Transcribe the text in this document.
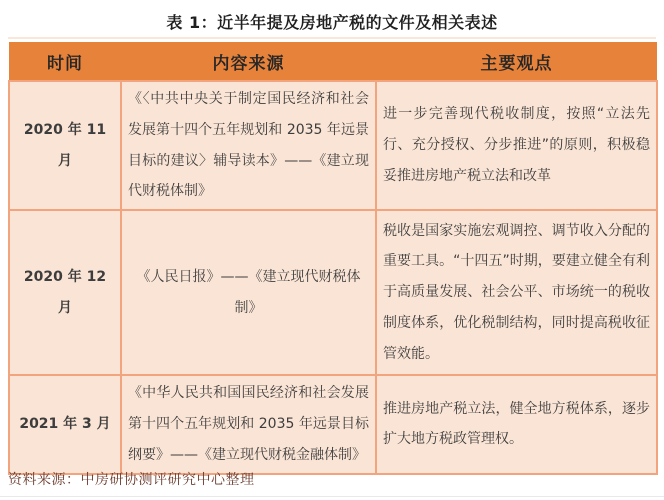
表 1：近半年提及房地产税的文件及相关表述
时间	内容来源	主要观点
2020 年 11 月	《〈中共中央关于制定国民经济和社会发展第十四个五年规划和 2035 年远景目标的建议〉辅导读本》——《建立现代财税体制》	进一步完善现代税收制度，按照“立法先行、充分授权、分步推进”的原则，积极稳妥推进房地产税立法和改革
2020 年 12 月	《人民日报》——《建立现代财税体制》	税收是国家实施宏观调控、调节收入分配的重要工具。“十四五”时期，要建立健全有利于高质量发展、社会公平、市场统一的税收制度体系，优化税制结构，同时提高税收征管效能。
2021 年 3 月	《中华人民共和国国民经济和社会发展第十四个五年规划和 2035 年远景目标纲要》——《建立现代财税金融体制》	推进房地产税立法，健全地方税体系，逐步扩大地方税政管理权。
资料来源：中房研协测评研究中心整理
